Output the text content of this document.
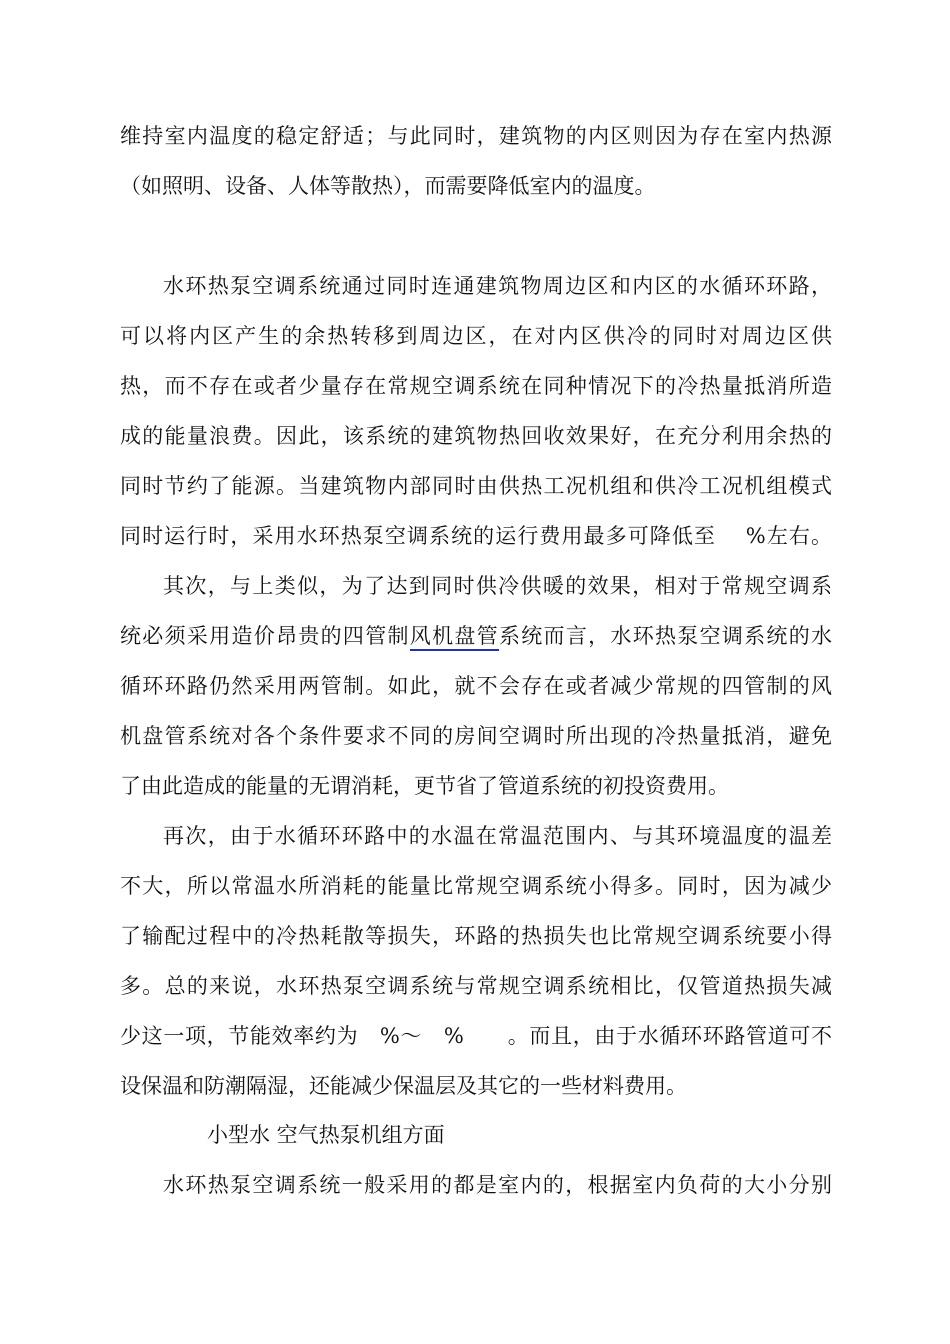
维持室内温度的稳定舒适；与此同时，建筑物的内区则因为存在室内热源
（如照明、设备、人体等散热），而需要降低室内的温度。
水环热泵空调系统通过同时连通建筑物周边区和内区的水循环环路，
可以将内区产生的余热转移到周边区，在对内区供冷的同时对周边区供
热，而不存在或者少量存在常规空调系统在同种情况下的冷热量抵消所造
成的能量浪费。因此，该系统的建筑物热回收效果好，在充分利用余热的
同时节约了能源。当建筑物内部同时由供热工况机组和供冷工况机组模式
同时运行时，采用水环热泵空调系统的运行费用最多可降低至　 %左右。
其次，与上类似，为了达到同时供冷供暖的效果，相对于常规空调系
统必须采用造价昂贵的四管制风机盘管系统而言，水环热泵空调系统的水
循环环路仍然采用两管制。如此，就不会存在或者减少常规的四管制的风
机盘管系统对各个条件要求不同的房间空调时所出现的冷热量抵消，避免
了由此造成的能量的无谓消耗，更节省了管道系统的初投资费用。
再次，由于水循环环路中的水温在常温范围内、与其环境温度的温差
不大，所以常温水所消耗的能量比常规空调系统小得多。同时，因为减少
了输配过程中的冷热耗散等损失，环路的热损失也比常规空调系统要小得
多。总的来说，水环热泵空调系统与常规空调系统相比，仅管道热损失减
少这一项，节能效率约为　%～　%　　。而且，由于水循环环路管道可不
设保温和防潮隔湿，还能减少保温层及其它的一些材料费用。
小型水 空气热泵机组方面
水环热泵空调系统一般采用的都是室内的，根据室内负荷的大小分别
